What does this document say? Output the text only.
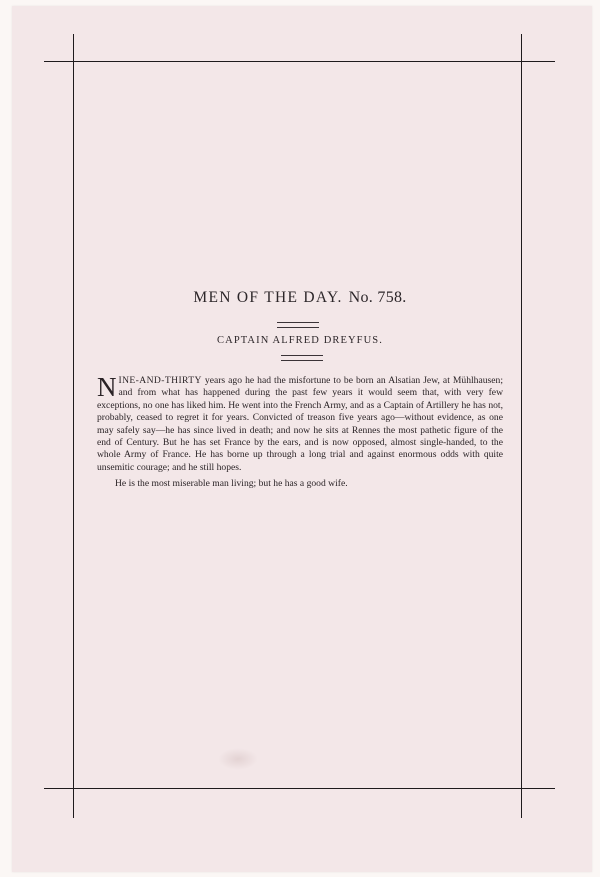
MEN OF THE DAY. No. 758.
CAPTAIN ALFRED DREYFUS.

NINE-AND-THIRTY years ago he had the misfortune to be born an Alsatian Jew, at Mühlhausen; and from what has happened during the past few years it would seem that, with very few exceptions, no one has liked him. He went into the French Army, and as a Captain of Artillery he has not, probably, ceased to regret it for years. Convicted of treason five years ago—without evidence, as one may safely say—he has since lived in death; and now he sits at Rennes the most pathetic figure of the end of Century. But he has set France by the ears, and is now opposed, almost single-handed, to the whole Army of France. He has borne up through a long trial and against enormous odds with quite unsemitic courage; and he still hopes.

He is the most miserable man living; but he has a good wife.
